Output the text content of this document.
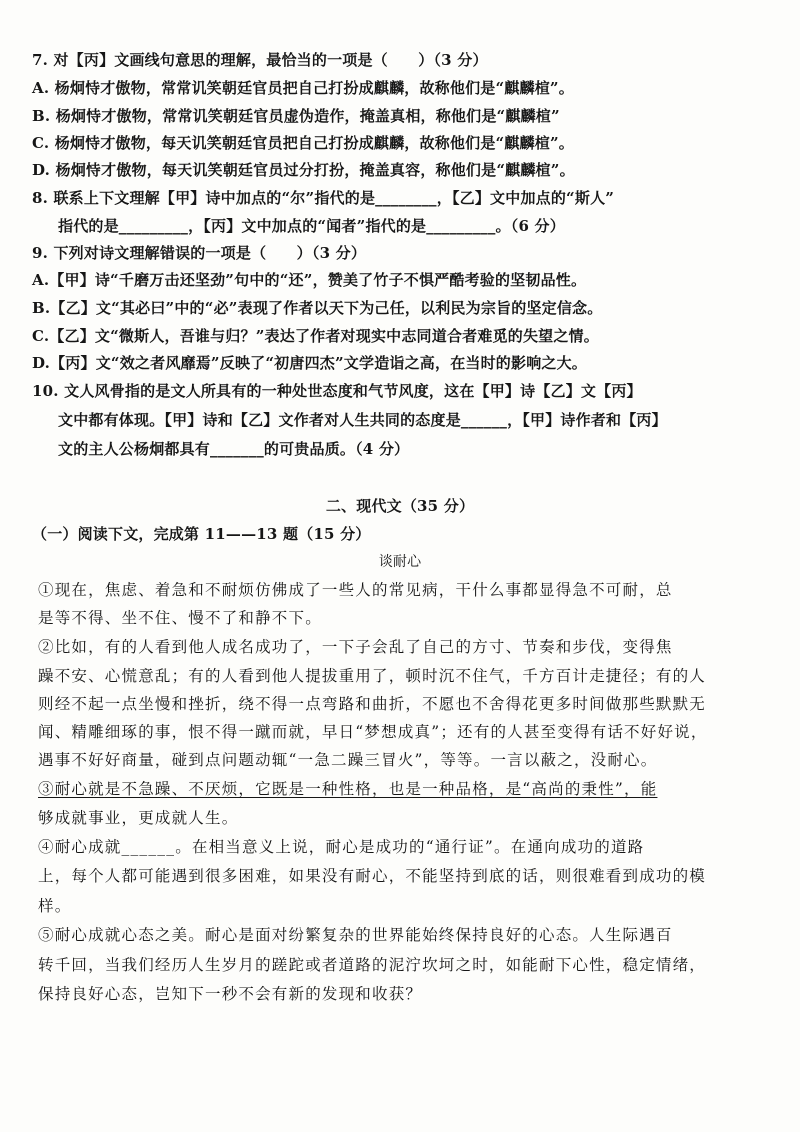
7. 对【丙】文画线句意思的理解，最恰当的一项是（　　）（3 分）
A. 杨炯恃才傲物，常常讥笑朝廷官员把自己打扮成麒麟，故称他们是“麒麟楦”。
B. 杨炯恃才傲物，常常讥笑朝廷官员虚伪造作，掩盖真相，称他们是“麒麟楦”
C. 杨炯恃才傲物，每天讥笑朝廷官员把自己打扮成麒麟，故称他们是“麒麟楦”。
D. 杨炯恃才傲物，每天讥笑朝廷官员过分打扮，掩盖真容，称他们是“麒麟楦”。
8. 联系上下文理解【甲】诗中加点的“尔”指代的是________，【乙】文中加点的“斯人”
指代的是_________，【丙】文中加点的“闻者”指代的是_________。（6 分）
9. 下列对诗文理解错误的一项是（　　）（3 分）
A.【甲】诗“千磨万击还坚劲”句中的“还”，赞美了竹子不惧严酷考验的坚韧品性。
B.【乙】文“其必曰”中的“必”表现了作者以天下为己任，以利民为宗旨的坚定信念。
C.【乙】文“微斯人，吾谁与归？”表达了作者对现实中志同道合者难觅的失望之情。
D.【丙】文“效之者风靡焉”反映了“初唐四杰”文学造诣之高，在当时的影响之大。
10. 文人风骨指的是文人所具有的一种处世态度和气节风度，这在【甲】诗【乙】文【丙】
文中都有体现。【甲】诗和【乙】文作者对人生共同的态度是______，【甲】诗作者和【丙】
文的主人公杨炯都具有_______的可贵品质。（4 分）
二、现代文（35 分）
（一）阅读下文，完成第 11——13 题（15 分）
谈耐心
①现在，焦虑、着急和不耐烦仿佛成了一些人的常见病，干什么事都显得急不可耐，总
是等不得、坐不住、慢不了和静不下。
②比如，有的人看到他人成名成功了，一下子会乱了自己的方寸、节奏和步伐，变得焦
躁不安、心慌意乱；有的人看到他人提拔重用了，顿时沉不住气，千方百计走捷径；有的人
则经不起一点坐慢和挫折，绕不得一点弯路和曲折，不愿也不舍得花更多时间做那些默默无
闻、精雕细琢的事，恨不得一蹴而就，早日“梦想成真”；还有的人甚至变得有话不好好说，
遇事不好好商量，碰到点问题动辄“一急二躁三冒火”，等等。一言以蔽之，没耐心。
③耐心就是不急躁、不厌烦，它既是一种性格，也是一种品格，是“高尚的秉性”，能
够成就事业，更成就人生。
④耐心成就______。在相当意义上说，耐心是成功的“通行证”。在通向成功的道路
上，每个人都可能遇到很多困难，如果没有耐心，不能坚持到底的话，则很难看到成功的模
样。
⑤耐心成就心态之美。耐心是面对纷繁复杂的世界能始终保持良好的心态。人生际遇百
转千回，当我们经历人生岁月的蹉跎或者道路的泥泞坎坷之时，如能耐下心性，稳定情绪，
保持良好心态，岂知下一秒不会有新的发现和收获？
